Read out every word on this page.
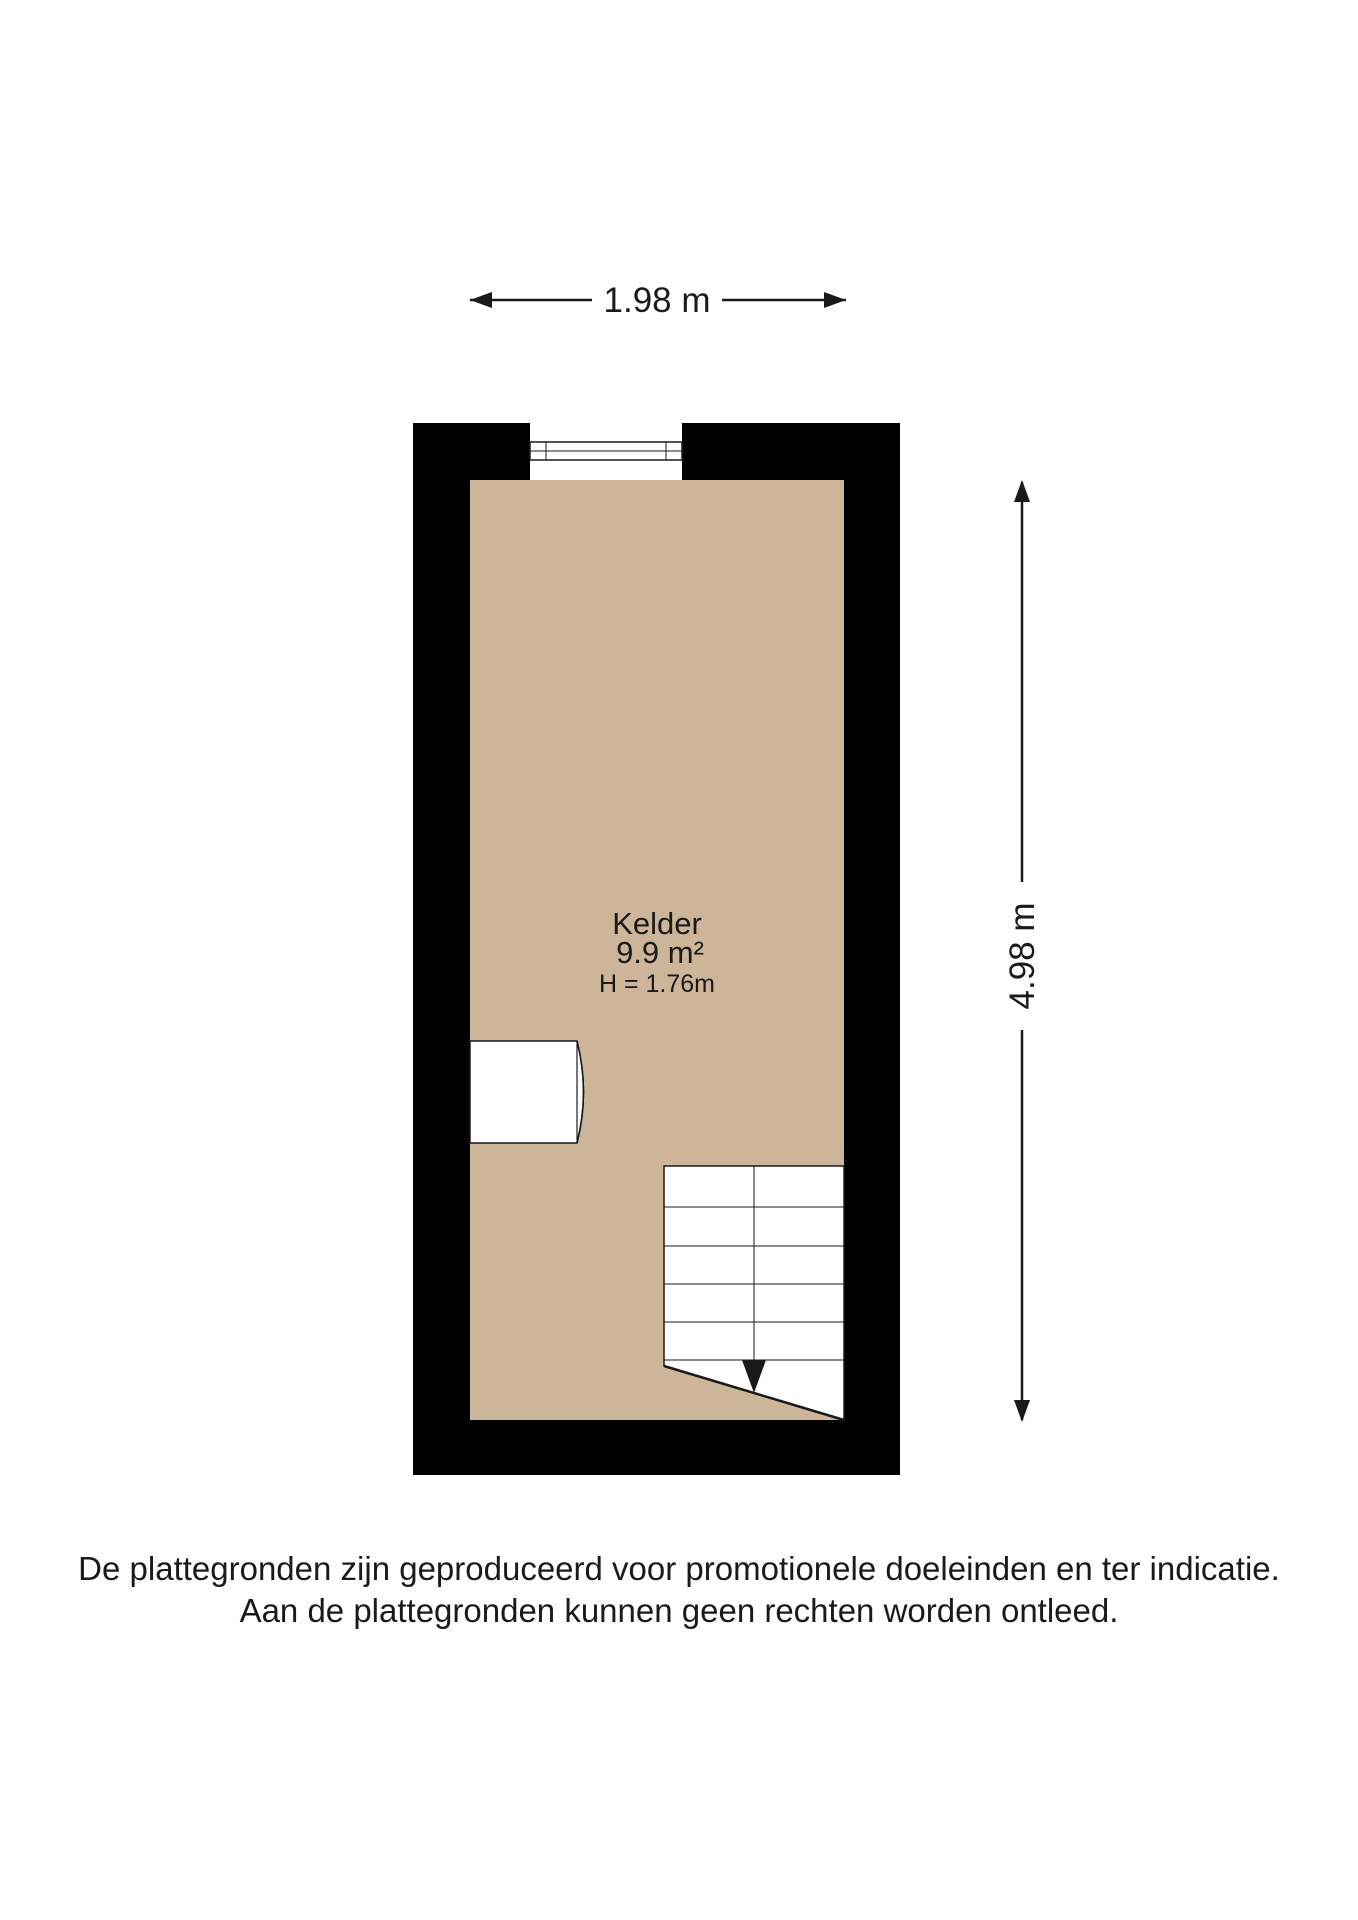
1.98 m
4.98 m
Kelder
9.9 m²
H = 1.76m
De plattegronden zijn geproduceerd voor promotionele doeleinden en ter indicatie.
Aan de plattegronden kunnen geen rechten worden ontleed.
